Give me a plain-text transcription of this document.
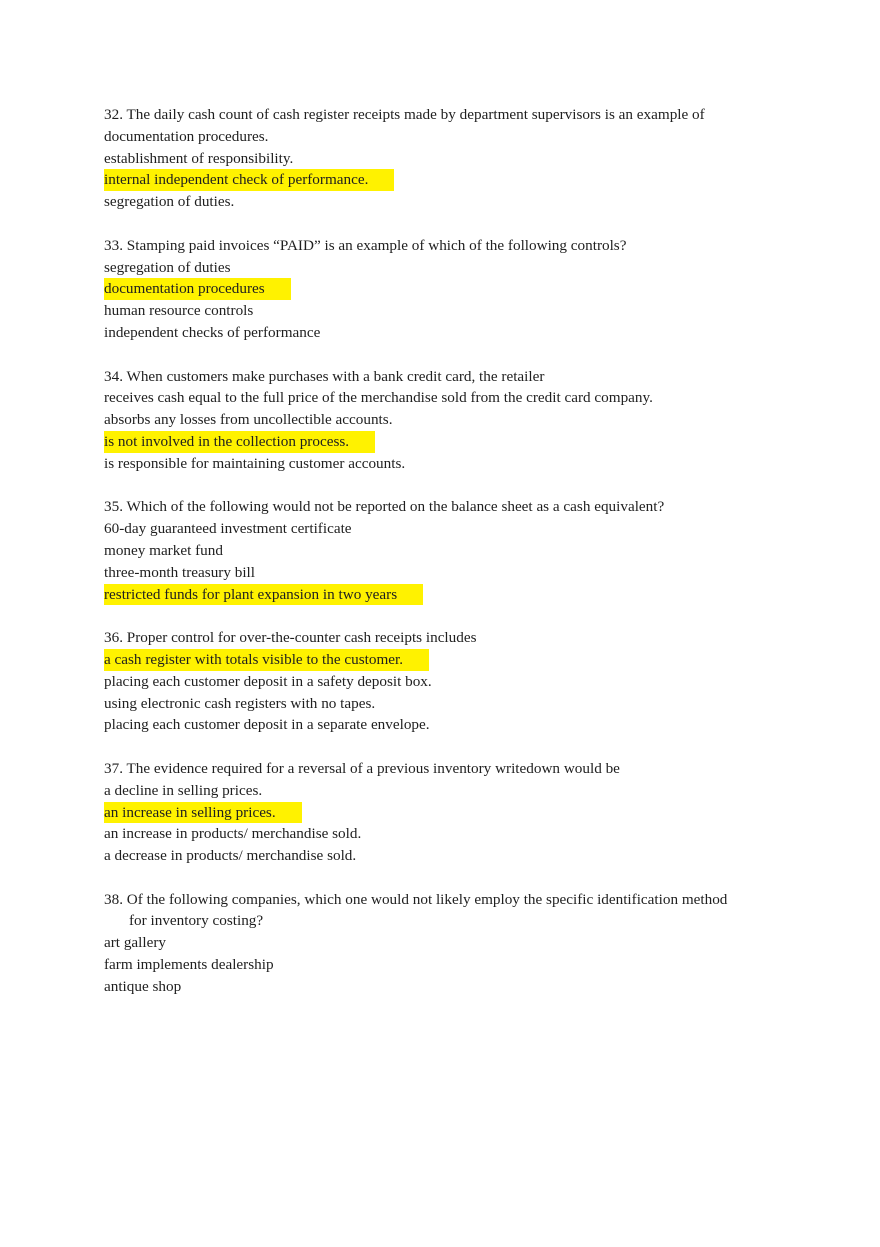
32. The daily cash count of cash register receipts made by department supervisors is an example of

documentation procedures.

establishment of responsibility.

internal independent check of performance.

segregation of duties.

33. Stamping paid invoices “PAID” is an example of which of the following controls?

segregation of duties

documentation procedures

human resource controls

independent checks of performance

34. When customers make purchases with a bank credit card, the retailer

receives cash equal to the full price of the merchandise sold from the credit card company.

absorbs any losses from uncollectible accounts.

is not involved in the collection process.

is responsible for maintaining customer accounts.

35. Which of the following would not be reported on the balance sheet as a cash equivalent?

60-day guaranteed investment certificate

money market fund

three-month treasury bill

restricted funds for plant expansion in two years

36. Proper control for over-the-counter cash receipts includes

a cash register with totals visible to the customer.

placing each customer deposit in a safety deposit box.

using electronic cash registers with no tapes.

placing each customer deposit in a separate envelope.

37. The evidence required for a reversal of a previous inventory writedown would be

a decline in selling prices.

an increase in selling prices.

an increase in products/ merchandise sold.

a decrease in products/ merchandise sold.

38. Of the following companies, which one would not likely employ the specific identification method for inventory costing?

art gallery

farm implements dealership

antique shop
